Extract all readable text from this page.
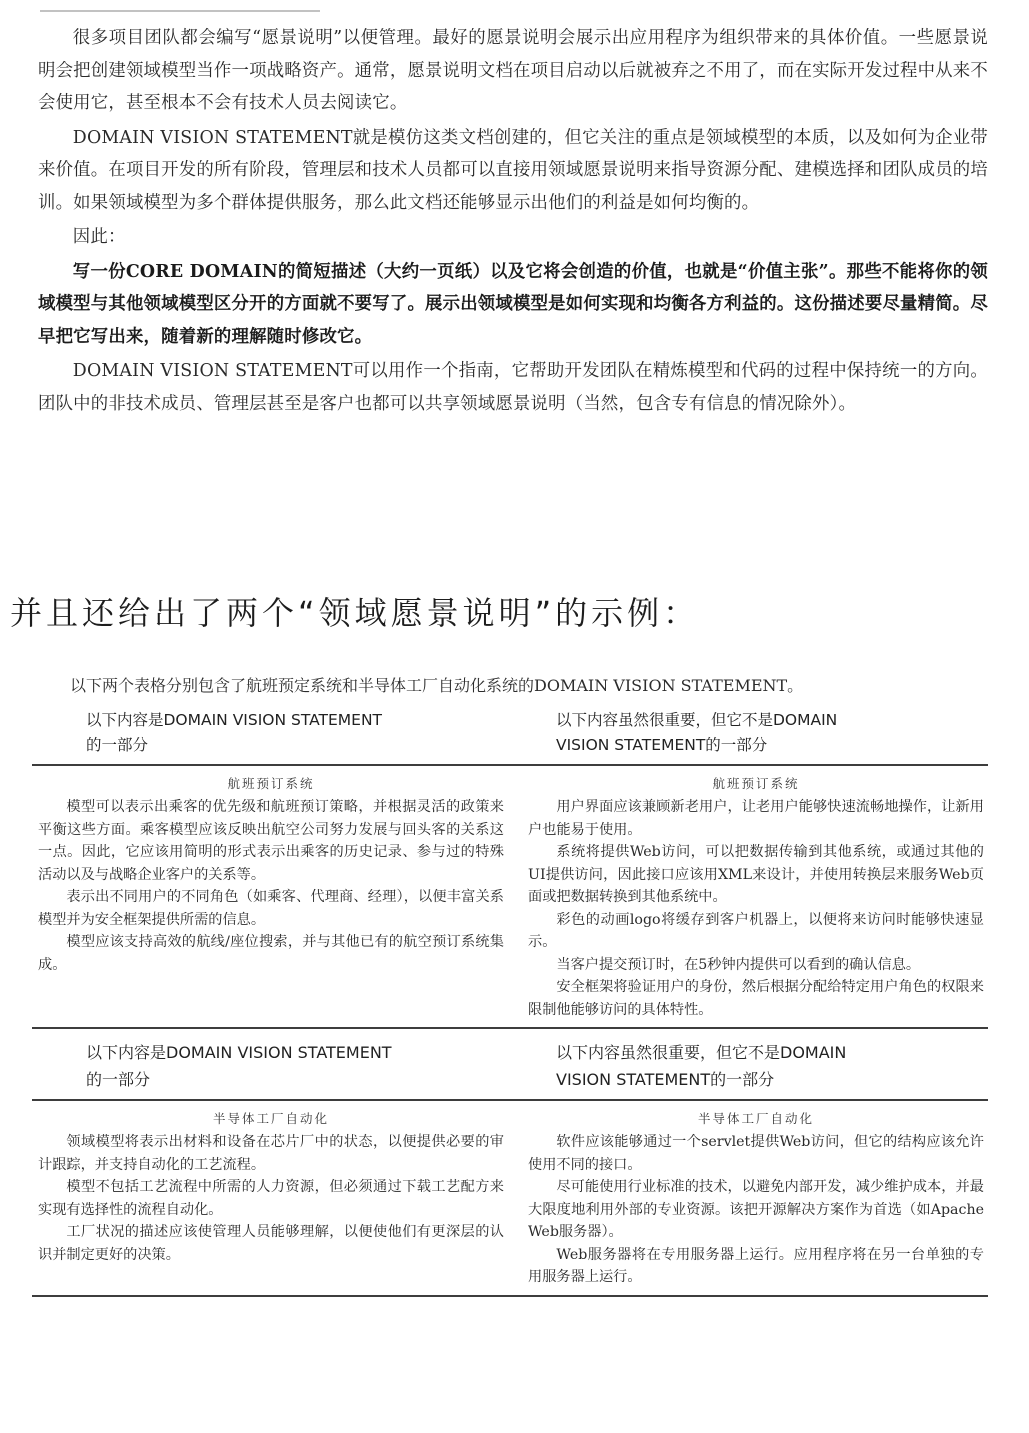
很多项目团队都会编写“愿景说明”以便管理。最好的愿景说明会展示出应用程序为组织带来的具体价值。一些愿景说明会把创建领域模型当作一项战略资产。通常，愿景说明文档在项目启动以后就被弃之不用了，而在实际开发过程中从来不会使用它，甚至根本不会有技术人员去阅读它。

DOMAIN VISION STATEMENT就是模仿这类文档创建的，但它关注的重点是领域模型的本质，以及如何为企业带来价值。在项目开发的所有阶段，管理层和技术人员都可以直接用领域愿景说明来指导资源分配、建模选择和团队成员的培训。如果领域模型为多个群体提供服务，那么此文档还能够显示出他们的利益是如何均衡的。

因此：

写一份CORE DOMAIN的简短描述（大约一页纸）以及它将会创造的价值，也就是“价值主张”。那些不能将你的领域模型与其他领域模型区分开的方面就不要写了。展示出领域模型是如何实现和均衡各方利益的。这份描述要尽量精简。尽早把它写出来，随着新的理解随时修改它。

DOMAIN VISION STATEMENT可以用作一个指南，它帮助开发团队在精炼模型和代码的过程中保持统一的方向。团队中的非技术成员、管理层甚至是客户也都可以共享领域愿景说明（当然，包含专有信息的情况除外）。

并且还给出了两个“领域愿景说明”的示例：

以下两个表格分别包含了航班预定系统和半导体工厂自动化系统的DOMAIN VISION STATEMENT。

以下内容是DOMAIN VISION STATEMENT
的一部分
以下内容虽然很重要，但它不是DOMAIN
VISION STATEMENT的一部分
航班预订系统

模型可以表示出乘客的优先级和航班预订策略，并根据灵活的政策来平衡这些方面。乘客模型应该反映出航空公司努力发展与回头客的关系这一点。因此，它应该用简明的形式表示出乘客的历史记录、参与过的特殊活动以及与战略企业客户的关系等。

表示出不同用户的不同角色（如乘客、代理商、经理），以便丰富关系模型并为安全框架提供所需的信息。

模型应该支持高效的航线/座位搜索，并与其他已有的航空预订系统集成。

航班预订系统

用户界面应该兼顾新老用户，让老用户能够快速流畅地操作，让新用户也能易于使用。

系统将提供Web访问，可以把数据传输到其他系统，或通过其他的UI提供访问，因此接口应该用XML来设计，并使用转换层来服务Web页面或把数据转换到其他系统中。

彩色的动画logo将缓存到客户机器上，以便将来访问时能够快速显示。

当客户提交预订时，在5秒钟内提供可以看到的确认信息。

安全框架将验证用户的身份，然后根据分配给特定用户角色的权限来限制他能够访问的具体特性。

以下内容是DOMAIN VISION STATEMENT
的一部分
以下内容虽然很重要，但它不是DOMAIN
VISION STATEMENT的一部分
半导体工厂自动化

领域模型将表示出材料和设备在芯片厂中的状态，以便提供必要的审计跟踪，并支持自动化的工艺流程。

模型不包括工艺流程中所需的人力资源，但必须通过下载工艺配方来实现有选择性的流程自动化。

工厂状况的描述应该使管理人员能够理解，以便使他们有更深层的认识并制定更好的决策。

半导体工厂自动化

软件应该能够通过一个servlet提供Web访问，但它的结构应该允许使用不同的接口。

尽可能使用行业标准的技术，以避免内部开发，减少维护成本，并最大限度地利用外部的专业资源。该把开源解决方案作为首选（如Apache Web服务器）。

Web服务器将在专用服务器上运行。应用程序将在另一台单独的专用服务器上运行。
